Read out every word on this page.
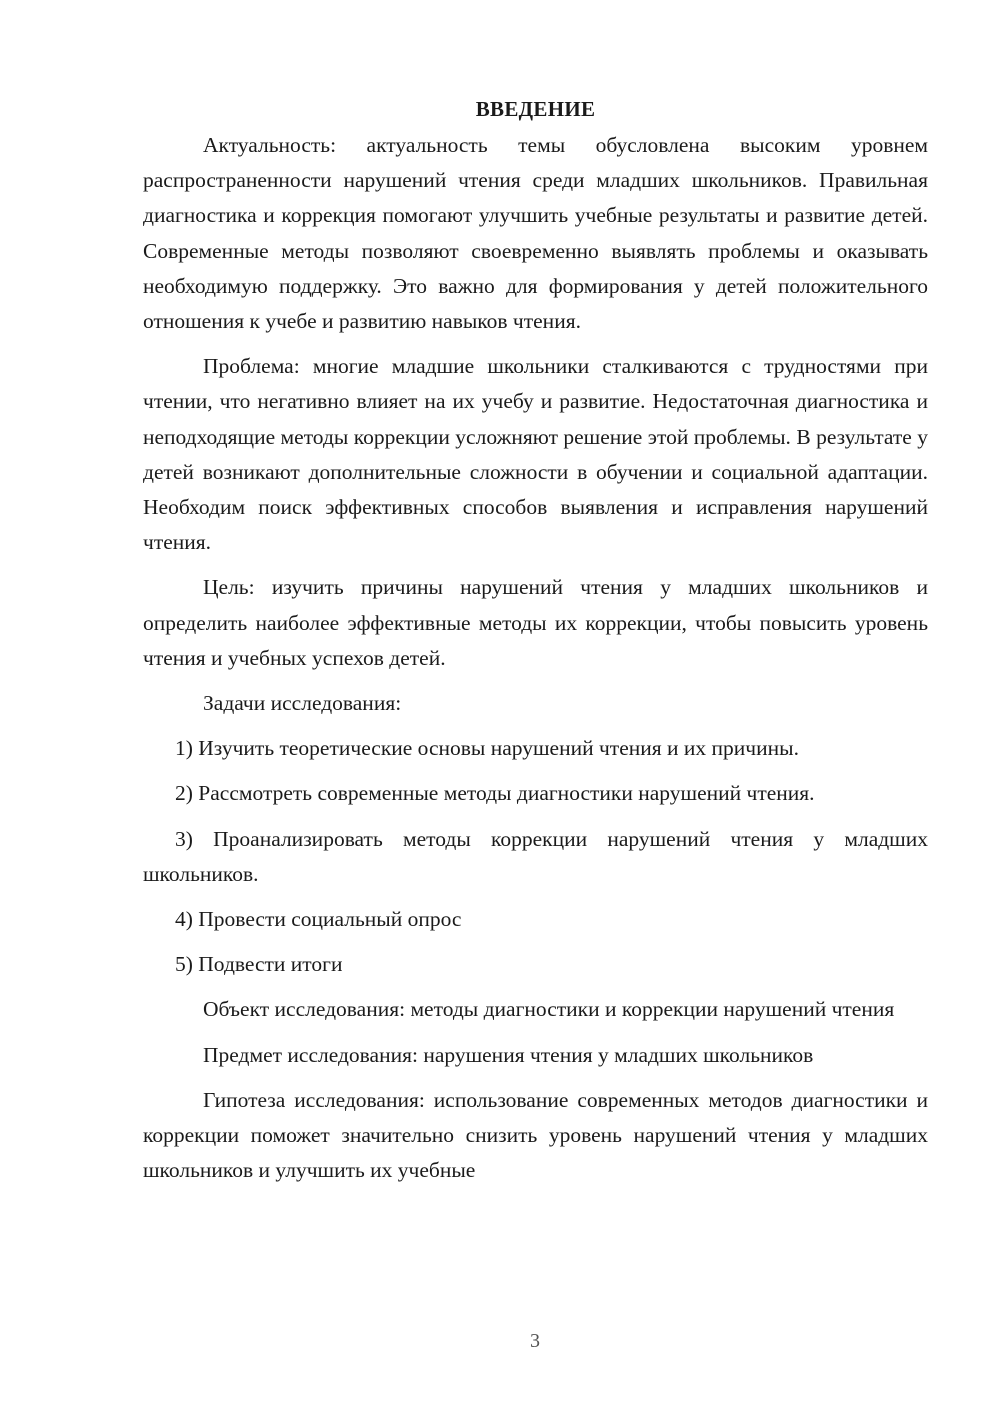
ВВЕДЕНИЕ

Актуальность: актуальность темы обусловлена высоким уровнем распространенности нарушений чтения среди младших школьников. Правильная диагностика и коррекция помогают улучшить учебные результаты и развитие детей. Современные методы позволяют своевременно выявлять проблемы и оказывать необходимую поддержку. Это важно для формирования у детей положительного отношения к учебе и развитию навыков чтения.

Проблема: многие младшие школьники сталкиваются с трудностями при чтении, что негативно влияет на их учебу и развитие. Недостаточная диагностика и неподходящие методы коррекции усложняют решение этой проблемы. В результате у детей возникают дополнительные сложности в обучении и социальной адаптации. Необходим поиск эффективных способов выявления и исправления нарушений чтения.

Цель: изучить причины нарушений чтения у младших школьников и определить наиболее эффективные методы их коррекции, чтобы повысить уровень чтения и учебных успехов детей.

Задачи исследования:

1) Изучить теоретические основы нарушений чтения и их причины.

2) Рассмотреть современные методы диагностики нарушений чтения.

3) Проанализировать методы коррекции нарушений чтения у младших школьников.

4) Провести социальный опрос

5) Подвести итоги

Объект исследования: методы диагностики и коррекции нарушений чтения

Предмет исследования: нарушения чтения у младших школьников

Гипотеза исследования: использование современных методов диагностики и коррекции поможет значительно снизить уровень нарушений чтения у младших школьников и улучшить их учебные

3
